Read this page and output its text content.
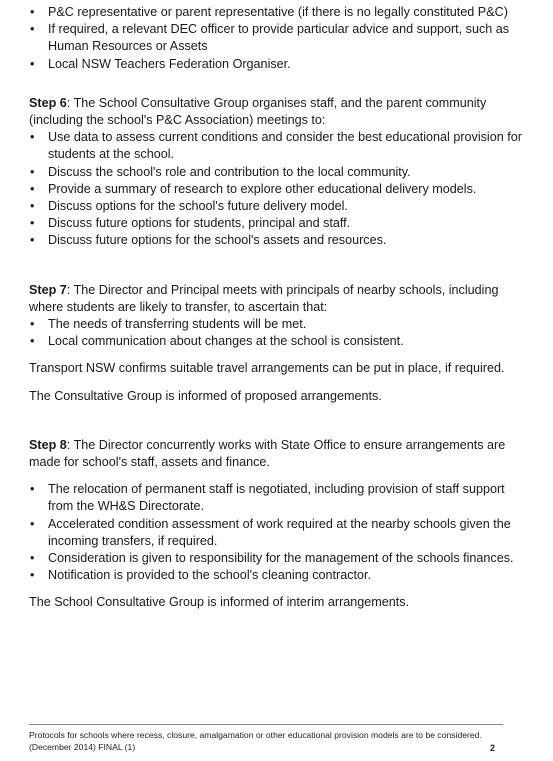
• P&C representative or parent representative (if there is no legally constituted P&C)
• If required, a relevant DEC officer to provide particular advice and support, such as Human Resources or Assets
• Local NSW Teachers Federation Organiser.

Step 6: The School Consultative Group organises staff, and the parent community (including the school's P&C Association) meetings to:

• Use data to assess current conditions and consider the best educational provision for students at the school.
• Discuss the school's role and contribution to the local community.
• Provide a summary of research to explore other educational delivery models.
• Discuss options for the school's future delivery model.
• Discuss future options for students, principal and staff.
• Discuss future options for the school's assets and resources.

Step 7: The Director and Principal meets with principals of nearby schools, including where students are likely to transfer, to ascertain that:

• The needs of transferring students will be met.
• Local communication about changes at the school is consistent.

Transport NSW confirms suitable travel arrangements can be put in place, if required.

The Consultative Group is informed of proposed arrangements.

Step 8: The Director concurrently works with State Office to ensure arrangements are made for school's staff, assets and finance.

• The relocation of permanent staff is negotiated, including provision of staff support from the WH&S Directorate.
• Accelerated condition assessment of work required at the nearby schools given the incoming transfers, if required.
• Consideration is given to responsibility for the management of the schools finances.
• Notification is provided to the school's cleaning contractor.

The School Consultative Group is informed of interim arrangements.

Protocols for schools where recess, closure, amalgamation or other educational provision models are to be considered. (December 2014) FINAL (1)	2
